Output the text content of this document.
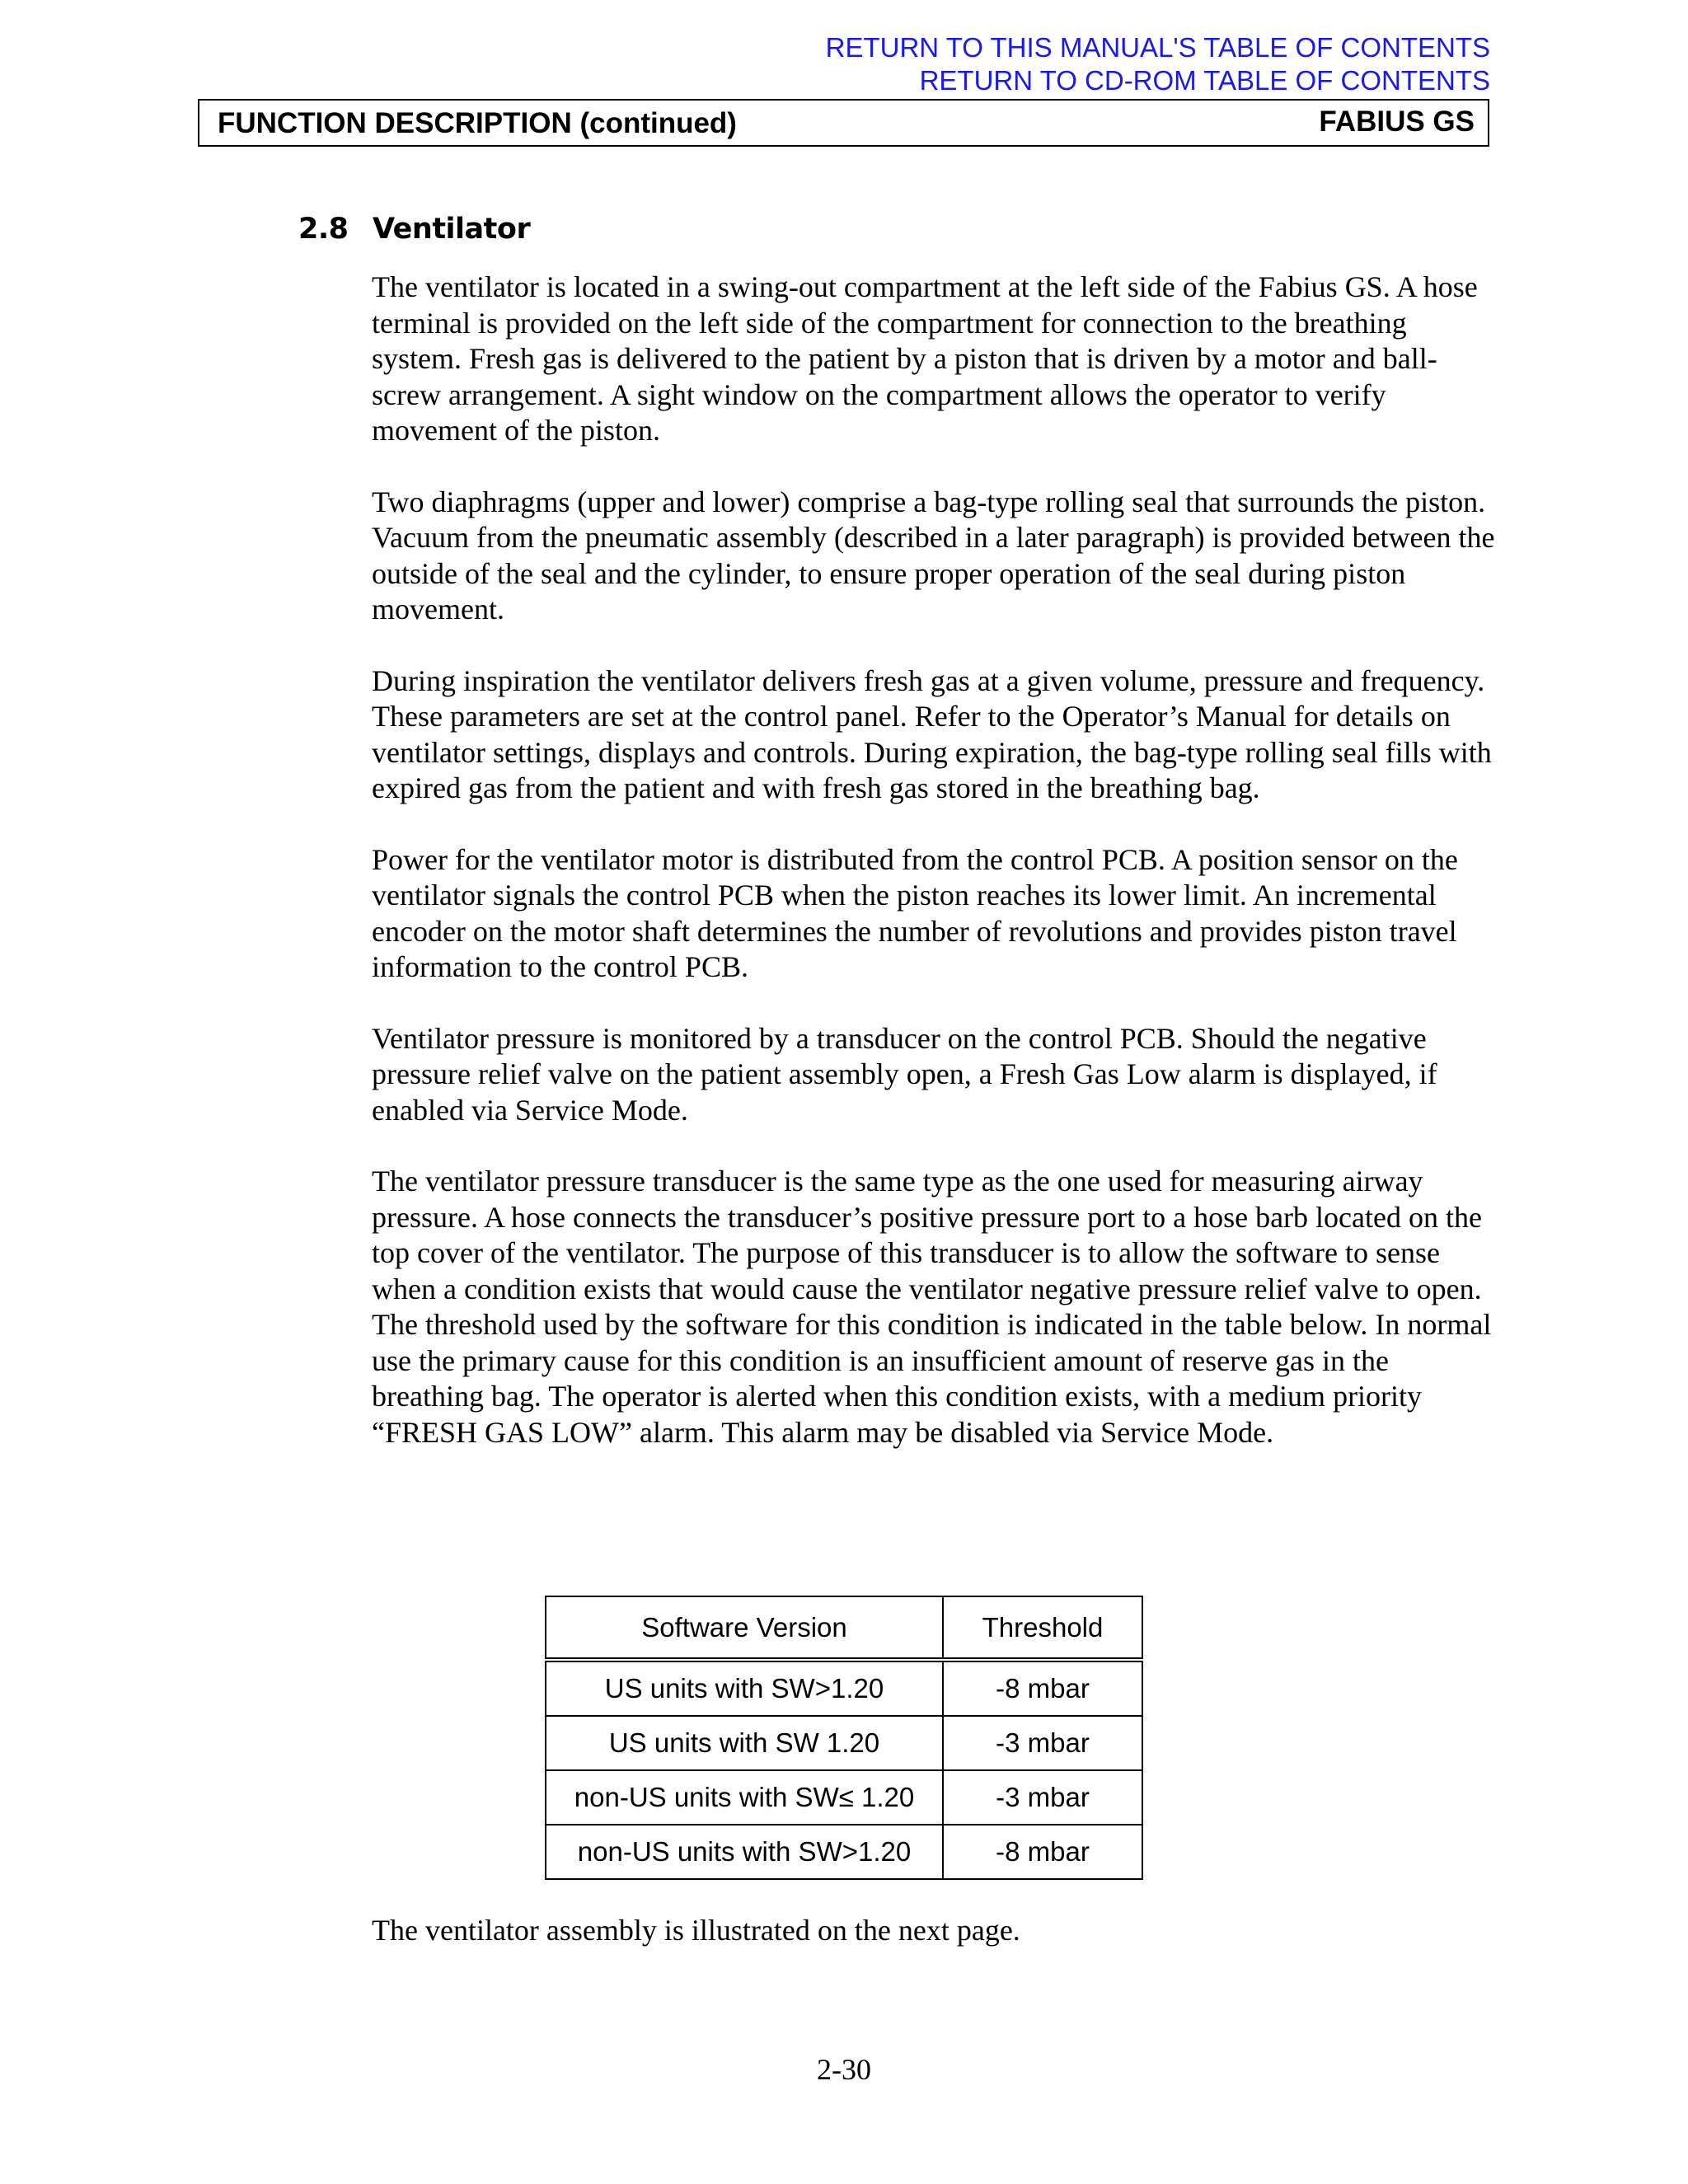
RETURN TO THIS MANUAL'S TABLE OF CONTENTS
RETURN TO CD-ROM TABLE OF CONTENTS
FUNCTION DESCRIPTION (continued)	FABIUS GS
2.8 Ventilator

The ventilator is located in a swing-out compartment at the left side of the Fabius GS. A hose terminal is provided on the left side of the compartment for connection to the breathing system. Fresh gas is delivered to the patient by a piston that is driven by a motor and ball-screw arrangement. A sight window on the compartment allows the operator to verify movement of the piston.

Two diaphragms (upper and lower) comprise a bag-type rolling seal that surrounds the piston. Vacuum from the pneumatic assembly (described in a later paragraph) is provided between the outside of the seal and the cylinder, to ensure proper operation of the seal during piston movement.

During inspiration the ventilator delivers fresh gas at a given volume, pressure and frequency. These parameters are set at the control panel. Refer to the Operator’s Manual for details on ventilator settings, displays and controls. During expiration, the bag-type rolling seal fills with expired gas from the patient and with fresh gas stored in the breathing bag.

Power for the ventilator motor is distributed from the control PCB. A position sensor on the ventilator signals the control PCB when the piston reaches its lower limit. An incremental encoder on the motor shaft determines the number of revolutions and provides piston travel information to the control PCB.

Ventilator pressure is monitored by a transducer on the control PCB. Should the negative pressure relief valve on the patient assembly open, a Fresh Gas Low alarm is displayed, if enabled via Service Mode.

The ventilator pressure transducer is the same type as the one used for measuring airway pressure. A hose connects the transducer’s positive pressure port to a hose barb located on the top cover of the ventilator. The purpose of this transducer is to allow the software to sense when a condition exists that would cause the ventilator negative pressure relief valve to open. The threshold used by the software for this condition is indicated in the table below. In normal use the primary cause for this condition is an insufficient amount of reserve gas in the breathing bag. The operator is alerted when this condition exists, with a medium priority “FRESH GAS LOW” alarm. This alarm may be disabled via Service Mode.

Software Version	Threshold
US units with SW>1.20	-8 mbar
US units with SW 1.20	-3 mbar
non-US units with SW≤ 1.20	-3 mbar
non-US units with SW>1.20	-8 mbar

The ventilator assembly is illustrated on the next page.

2-30
